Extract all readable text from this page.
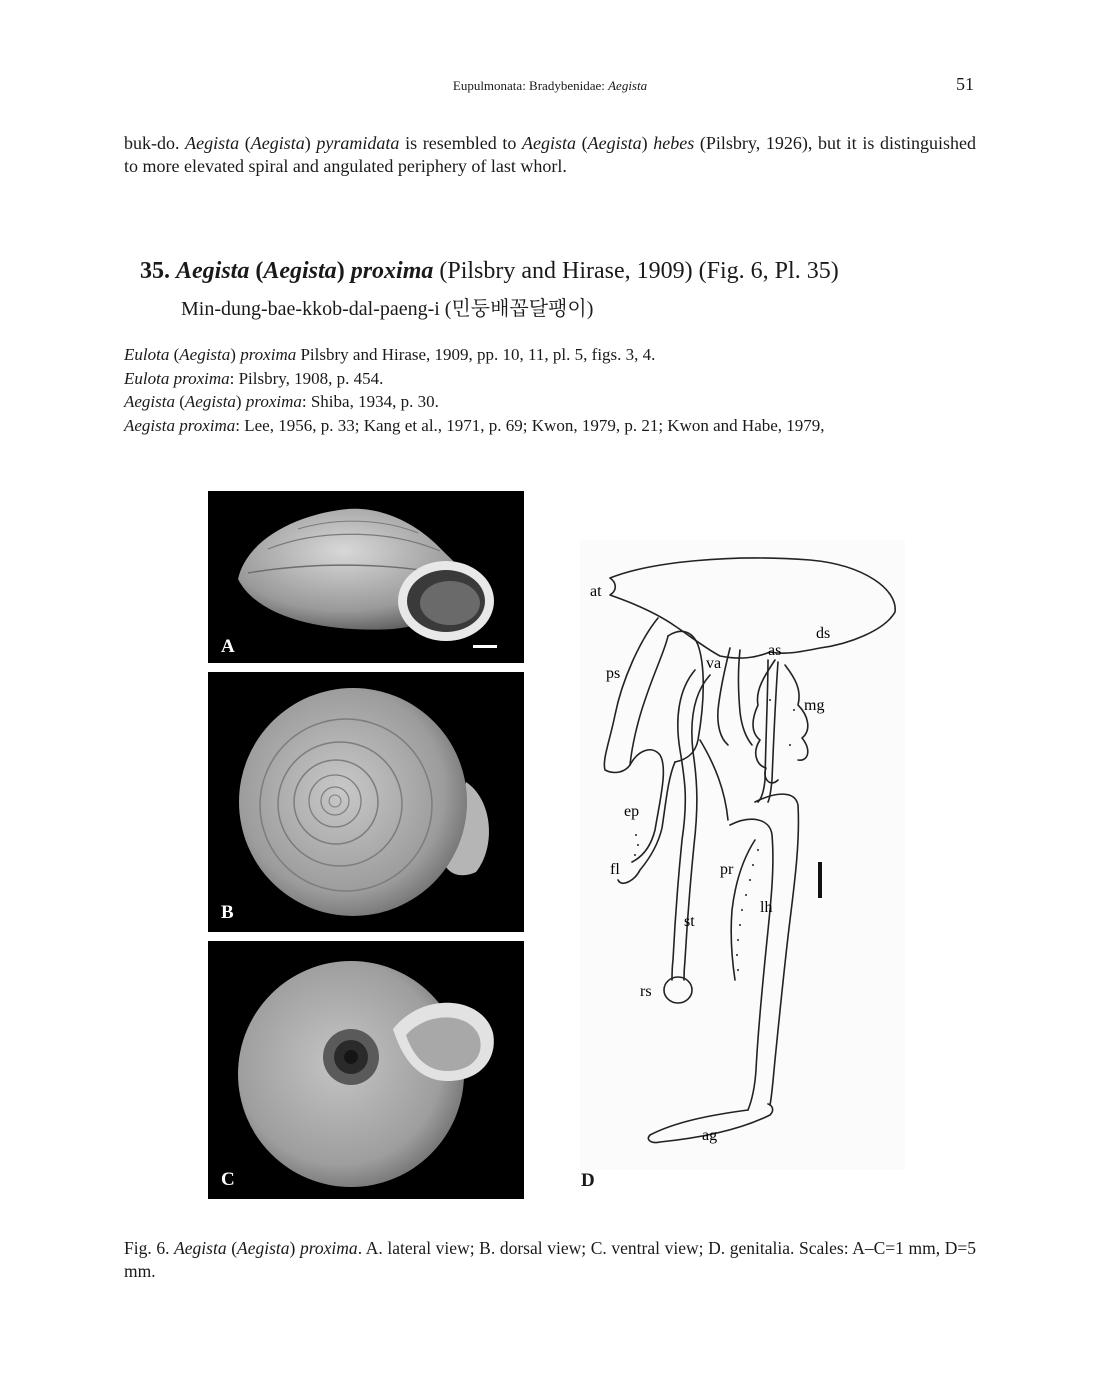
Eupulmonata: Bradybenidae: Aegista	51
buk-do. Aegista (Aegista) pyramidata is resembled to Aegista (Aegista) hebes (Pilsbry, 1926), but it is distinguished to more elevated spiral and angulated periphery of last whorl.
35. Aegista (Aegista) proxima (Pilsbry and Hirase, 1909) (Fig. 6, Pl. 35)
Min-dung-bae-kkob-dal-paeng-i (민둥배꼽달팽이)
Eulota (Aegista) proxima Pilsbry and Hirase, 1909, pp. 10, 11, pl. 5, figs. 3, 4.
Eulota proxima: Pilsbry, 1908, p. 454.
Aegista (Aegista) proxima: Shiba, 1934, p. 30.
Aegista proxima: Lee, 1956, p. 33; Kang et al., 1971, p. 69; Kwon, 1979, p. 21; Kwon and Habe, 1979,
A
B
C
at
ds
as
va
ps
mg
ep
fl	pr
lh
st
rs
ag
D
Fig. 6. Aegista (Aegista) proxima. A. lateral view; B. dorsal view; C. ventral view; D. genitalia. Scales: A–C=1 mm, D=5 mm.
